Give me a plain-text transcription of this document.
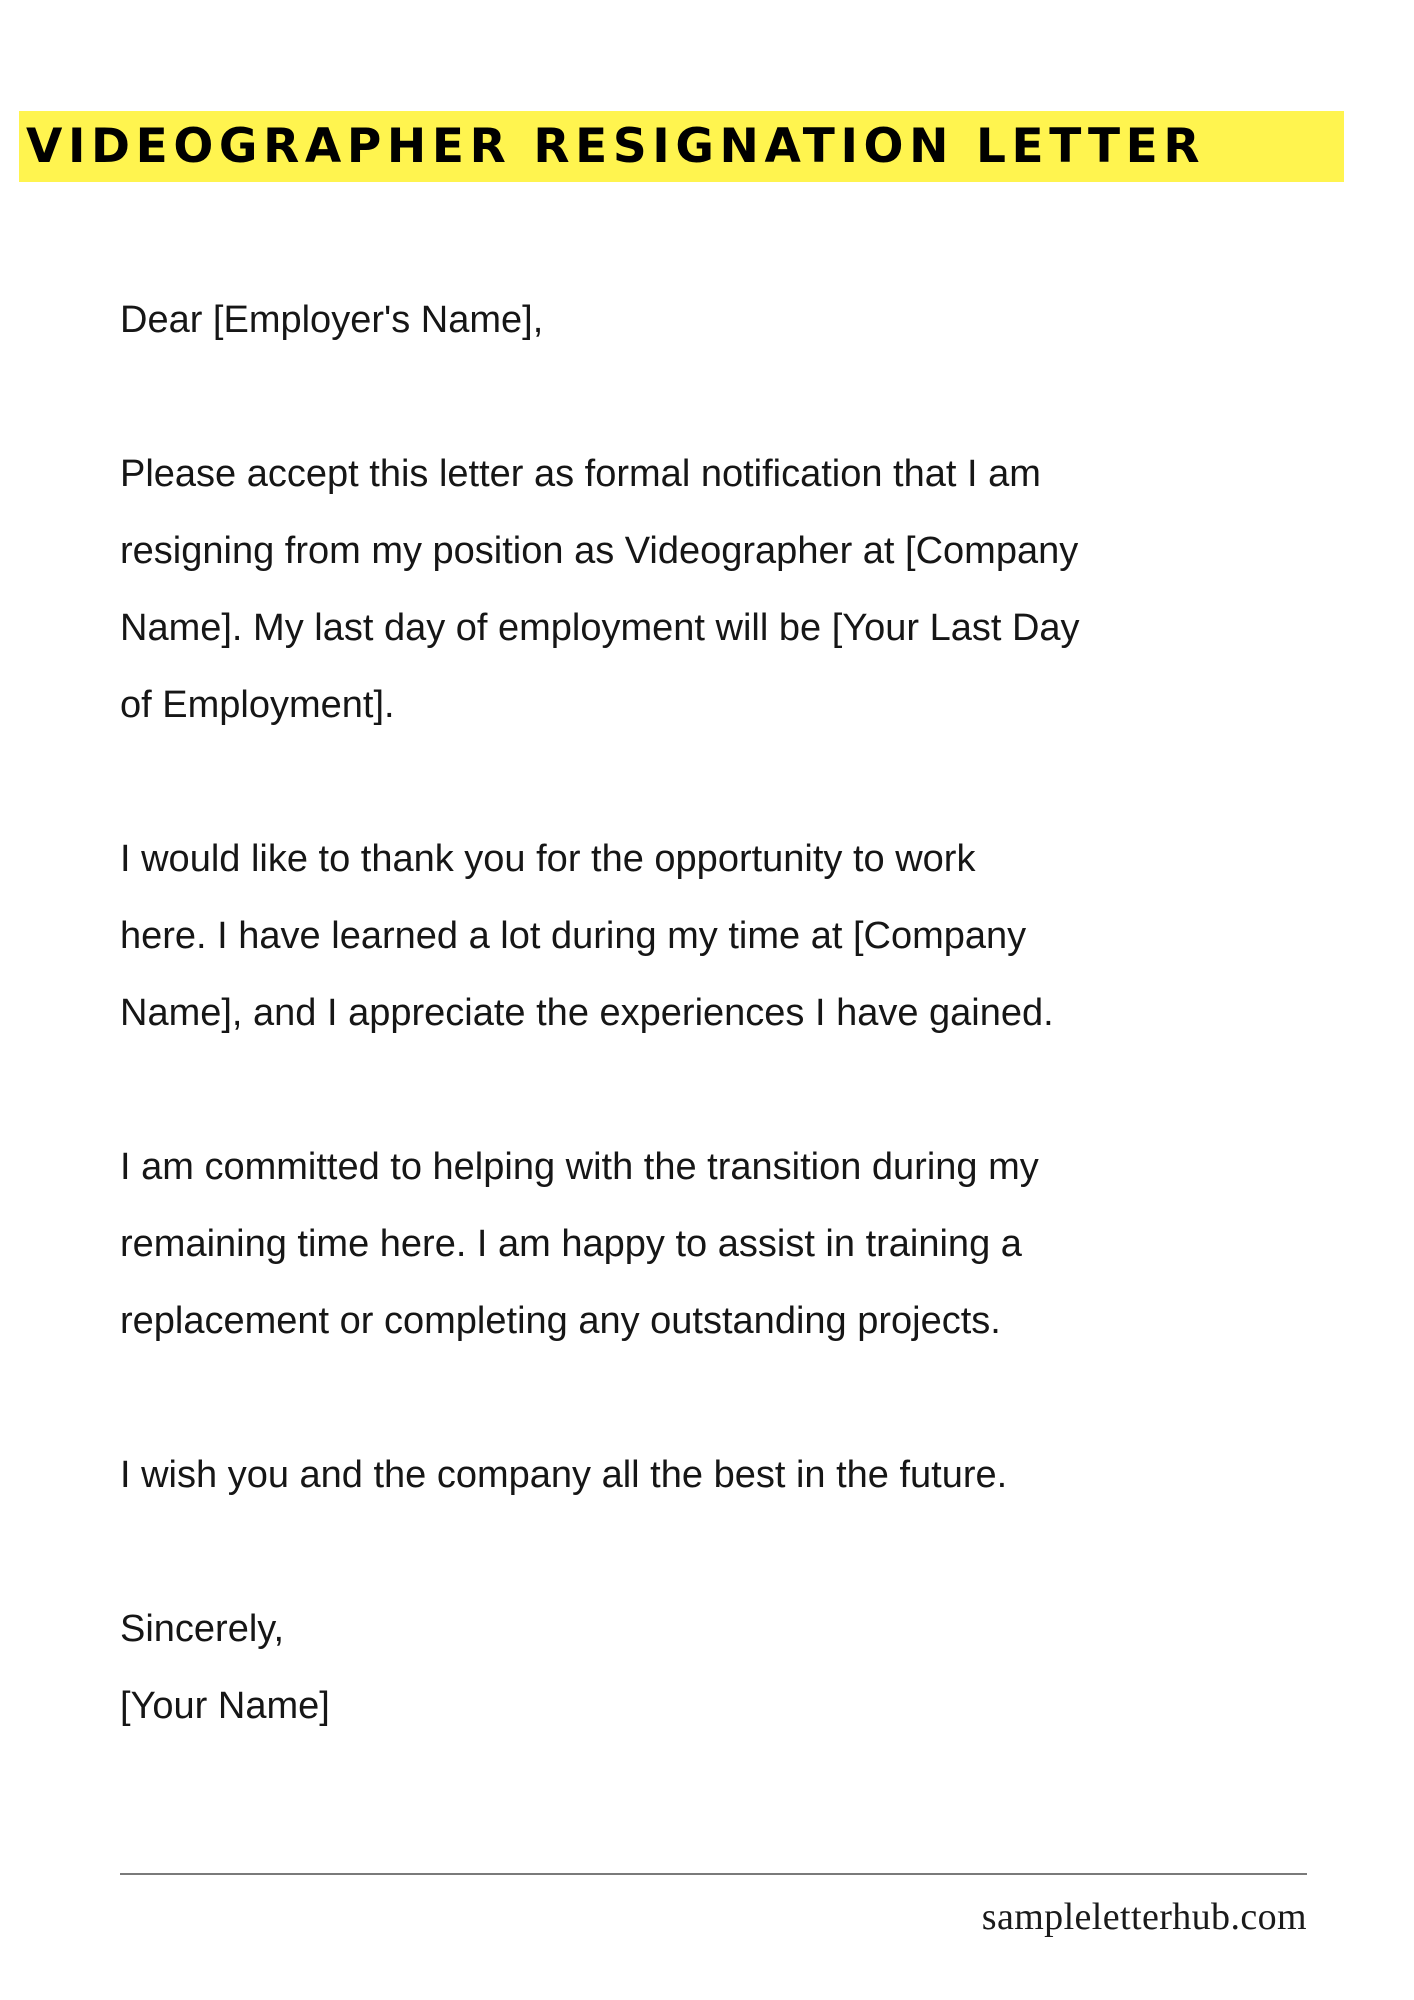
VIDEOGRAPHER RESIGNATION LETTER

Dear [Employer's Name],

Please accept this letter as formal notification that I am
resigning from my position as Videographer at [Company
Name]. My last day of employment will be [Your Last Day
of Employment].

I would like to thank you for the opportunity to work
here. I have learned a lot during my time at [Company
Name], and I appreciate the experiences I have gained.

I am committed to helping with the transition during my
remaining time here. I am happy to assist in training a
replacement or completing any outstanding projects.

I wish you and the company all the best in the future.

Sincerely,
[Your Name]

sampleletterhub.com
